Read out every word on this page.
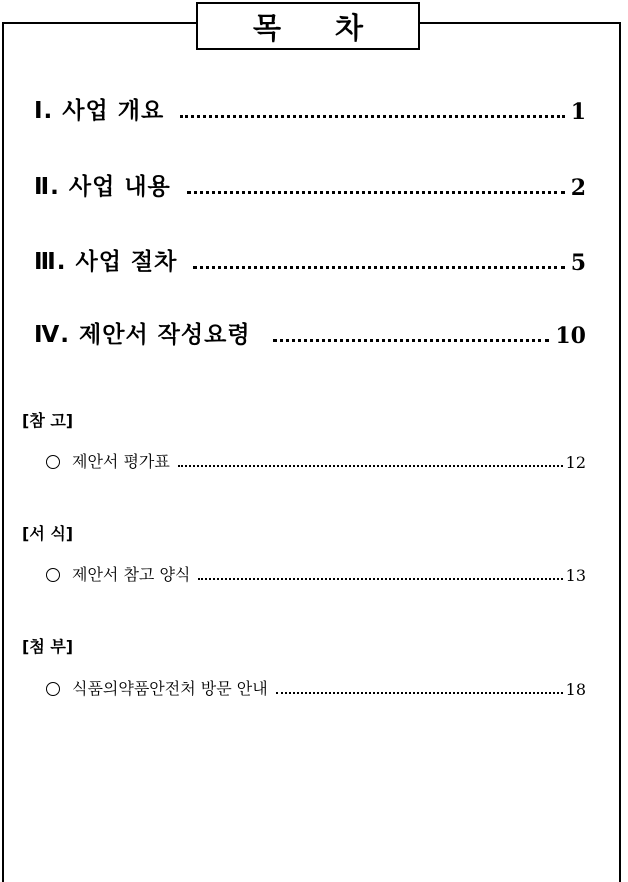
목 차
Ⅰ. 사업 개요	1
Ⅱ. 사업 내용	2
Ⅲ. 사업 절차	5
Ⅳ. 제안서 작성요령	10
[참 고]
제안서 평가표	12
[서 식]
제안서 참고 양식	13
[첨 부]
식품의약품안전처 방문 안내	18
